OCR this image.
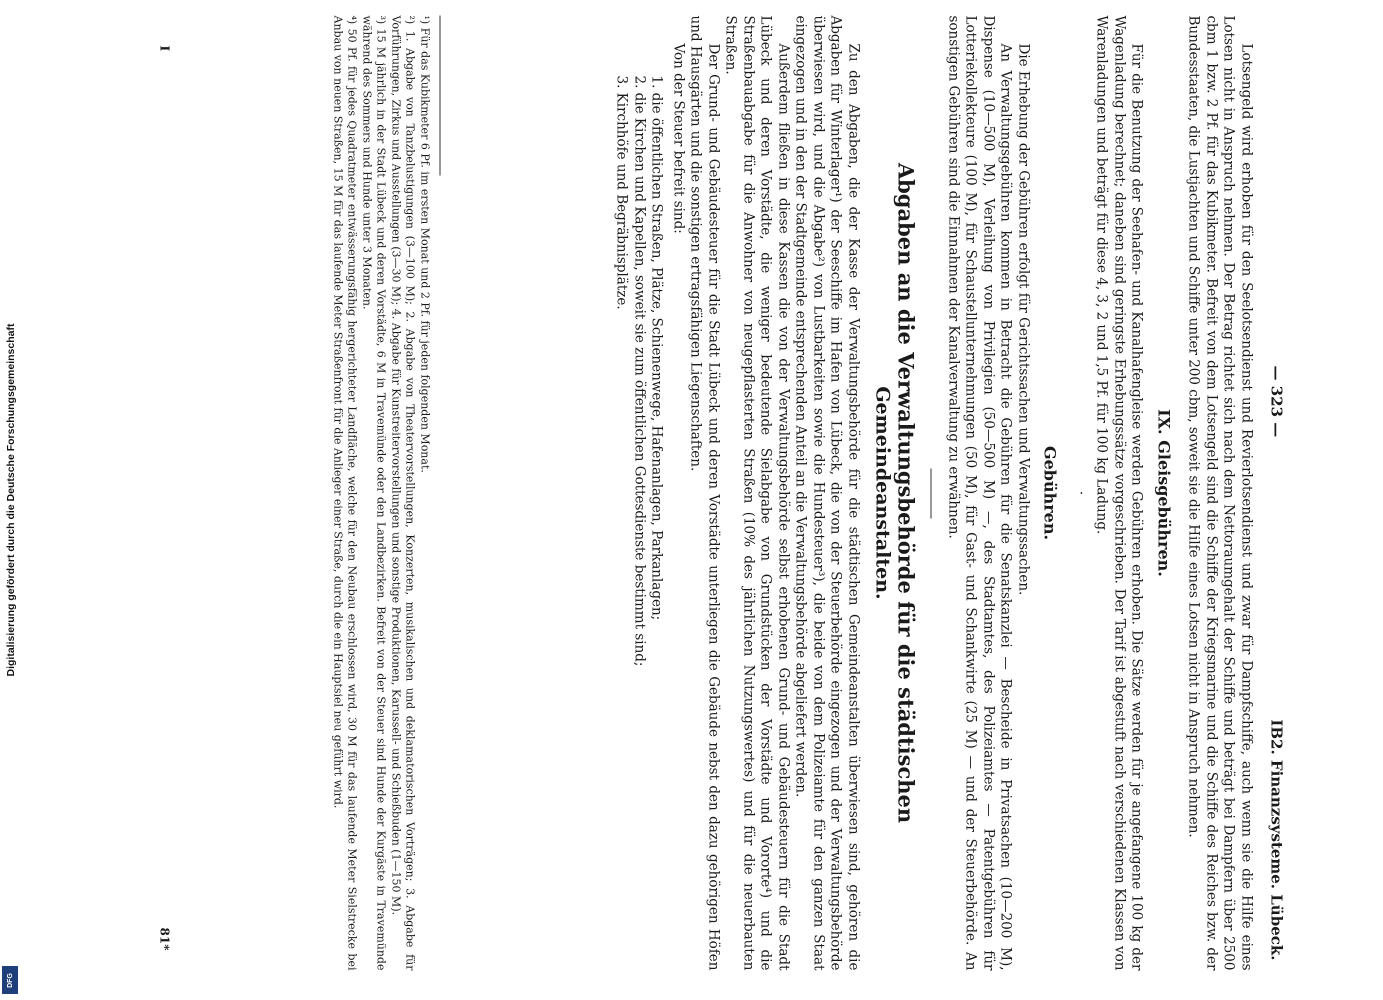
Digitalisierung gefördert durch die Deutsche Forschungsgemeinschaft
DFG
— 323 —
IB2. Finanzsysteme. Lübeck.

Lotsengeld wird erhoben für den Seelotsendienst und Revierlotsendienst und zwar für Dampfschiffe, auch wenn sie die Hilfe eines Lotsen nicht in Anspruch nehmen. Der Betrag richtet sich nach dem Nettoraumgehalt der Schiffe und beträgt bei Dampfern über 2500 cbm 1 bzw. 2 Pf. für das Kubikmeter. Befreit von dem Lotsengeld sind die Schiffe der Kriegsmarine und die Schiffe des Reiches bzw. der Bundesstaaten, die Lustjachten und Schiffe unter 200 cbm, soweit sie die Hilfe eines Lotsen nicht in Anspruch nehmen.

IX. Gleisgebühren.

Für die Benutzung der Seehafen- und Kanalhafengleise werden Gebühren erhoben. Die Sätze werden für je angefangene 100 kg der Wagenladung berechnet; daneben sind geringste Erhebungssätze vorgeschrieben. Der Tarif ist abgestuft nach verschiedenen Klassen von Warenladungen und beträgt für diese 4, 3, 2 und 1,5 Pf. für 100 kg Ladung.

·
Gebühren.

Die Erhebung der Gebühren erfolgt für Gerichtssachen und Verwaltungssachen.

An Verwaltungsgebühren kommen in Betracht die Gebühren für die Senatskanzlei — Bescheide in Privatsachen (10—200 M), Dispense (10—500 M), Verleihung von Privilegien (50—500 M) —, des Stadtamtes, des Polizeiamtes — Patentgebühren für Lotteriekollekteure (100 M), für Schaustellunternehmungen (50 M), für Gast- und Schankwirte (25 M) — und der Steuerbehörde. An sonstigen Gebühren sind die Einnahmen der Kanalverwaltung zu erwähnen.

Abgaben an die Verwaltungsbehörde für die städtischen
Gemeindeanstalten.

Zu den Abgaben, die der Kasse der Verwaltungsbehörde für die städtischen Gemeindeanstalten überwiesen sind, gehören die Abgaben für Winterlager¹) der Seeschiffe im Hafen von Lübeck, die von der Steuerbehörde eingezogen und der Verwaltungsbehörde überwiesen wird, und die Abgabe²) von Lustbarkeiten sowie die Hundesteuer³), die beide von dem Polizeiamte für den ganzen Staat eingezogen und in den der Stadtgemeinde entsprechenden Anteil an die Verwaltungsbehörde abgeliefert werden.

Außerdem fließen in diese Kassen die von der Verwaltungsbehörde selbst erhobenen Grund- und Gebäudesteuern für die Stadt Lübeck und deren Vorstädte, die weniger bedeutende Sielabgabe von Grundstücken der Vorstädte und Vororte⁴) und die Straßenbauabgabe für die Anwohner von neugepflasterten Straßen (10% des jährlichen Nutzungswertes) und für die neuerbauten Straßen.

Der Grund- und Gebäudesteuer für die Stadt Lübeck und deren Vorstädte unterliegen die Gebäude nebst den dazu gehörigen Höfen und Hausgärten und die sonstigen ertragsfähigen Liegenschaften.

Von der Steuer befreit sind:

1. die öffentlichen Straßen, Plätze, Schienenwege, Hafenanlagen, Parkanlagen;
2. die Kirchen und Kapellen, soweit sie zum öffentlichen Gottesdienste bestimmt sind;
3. Kirchhöfe und Begräbnisplätze.

¹) Für das Kubikmeter 6 Pf. im ersten Monat und 2 Pf. für jeden folgenden Monat.

²) 1. Abgabe von Tanzbelustigungen (3—100 M); 2. Abgabe von Theatervorstellungen, Konzerten, musikalischen und deklamatorischen Vorträgen; 3. Abgabe für Vorführungen, Zirkus und Ausstellungen (3—30 M); 4. Abgabe für Kunstreitervorstellungen und sonstige Produktionen, Karussell- und Schießbuden (1—150 M).

³) 15 M jährlich in der Stadt Lübeck und deren Vorstädte, 6 M in Travemünde oder den Landbezirken. Befreit von der Steuer sind Hunde der Kurgäste in Travemünde während des Sommers und Hunde unter 3 Monaten.

⁴) 50 Pf. für jedes Quadratmeter entwässerungsfähig hergerichteter Landfläche, welche für den Neubau erschlossen wird, 30 M für das laufende Meter Sielstrecke bei Anbau von neuen Straßen, 15 M für das laufende Meter Straßenfront für die Anlieger einer Straße, durch die ein Hauptsiel neu geführt wird.

I
81*
